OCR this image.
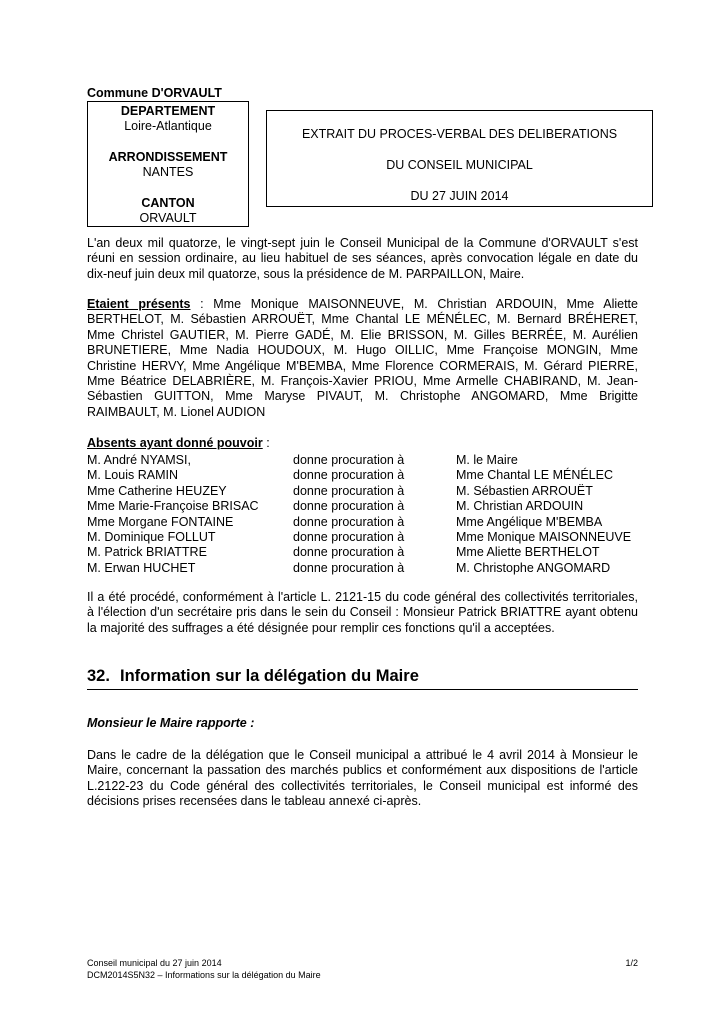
Commune D'ORVAULT
DEPARTEMENT
Loire-Atlantique
ARRONDISSEMENT
NANTES
CANTON
ORVAULT
EXTRAIT DU PROCES-VERBAL DES DELIBERATIONS
DU CONSEIL MUNICIPAL
DU 27 JUIN 2014

L'an deux mil quatorze, le vingt-sept juin le Conseil Municipal de la Commune d'ORVAULT s'est réuni en session ordinaire, au lieu habituel de ses séances, après convocation légale en date du dix-neuf juin deux mil quatorze, sous la présidence de M. PARPAILLON, Maire.

Etaient présents : Mme Monique MAISONNEUVE, M. Christian ARDOUIN, Mme Aliette BERTHELOT, M. Sébastien ARROUËT, Mme Chantal LE MÉNÉLEC, M. Bernard BRÉHERET, Mme Christel GAUTIER, M. Pierre GADÉ, M. Elie BRISSON, M. Gilles BERRÉE, M. Aurélien BRUNETIERE, Mme Nadia HOUDOUX, M. Hugo OILLIC, Mme Françoise MONGIN, Mme Christine HERVY, Mme Angélique M'BEMBA, Mme Florence CORMERAIS, M. Gérard PIERRE, Mme Béatrice DELABRIÈRE, M. François-Xavier PRIOU, Mme Armelle CHABIRAND, M. Jean-Sébastien GUITTON, Mme Maryse PIVAUT, M. Christophe ANGOMARD, Mme Brigitte RAIMBAULT, M. Lionel AUDION

Absents ayant donné pouvoir :
M. André NYAMSI,	donne procuration à	M. le Maire
M. Louis RAMIN	donne procuration à	Mme Chantal LE MÉNÉLEC
Mme Catherine HEUZEY	donne procuration à	M. Sébastien ARROUËT
Mme Marie-Françoise BRISAC	donne procuration à	M. Christian ARDOUIN
Mme Morgane FONTAINE	donne procuration à	Mme Angélique M'BEMBA
M. Dominique FOLLUT	donne procuration à	Mme Monique MAISONNEUVE
M. Patrick BRIATTRE	donne procuration à	Mme Aliette BERTHELOT
M. Erwan HUCHET	donne procuration à	M. Christophe ANGOMARD

Il a été procédé, conformément à l'article L. 2121-15 du code général des collectivités territoriales, à l'élection d'un secrétaire pris dans le sein du Conseil : Monsieur Patrick BRIATTRE ayant obtenu la majorité des suffrages a été désignée pour remplir ces fonctions qu'il a acceptées.

32. Information sur la délégation du Maire
Monsieur le Maire rapporte :

Dans le cadre de la délégation que le Conseil municipal a attribué le 4 avril 2014 à Monsieur le Maire, concernant la passation des marchés publics et conformément aux dispositions de l'article L.2122-23 du Code général des collectivités territoriales, le Conseil municipal est informé des décisions prises recensées dans le tableau annexé ci-après.

Conseil municipal du 27 juin 2014	1/2
DCM2014S5N32 – Informations sur la délégation du Maire
